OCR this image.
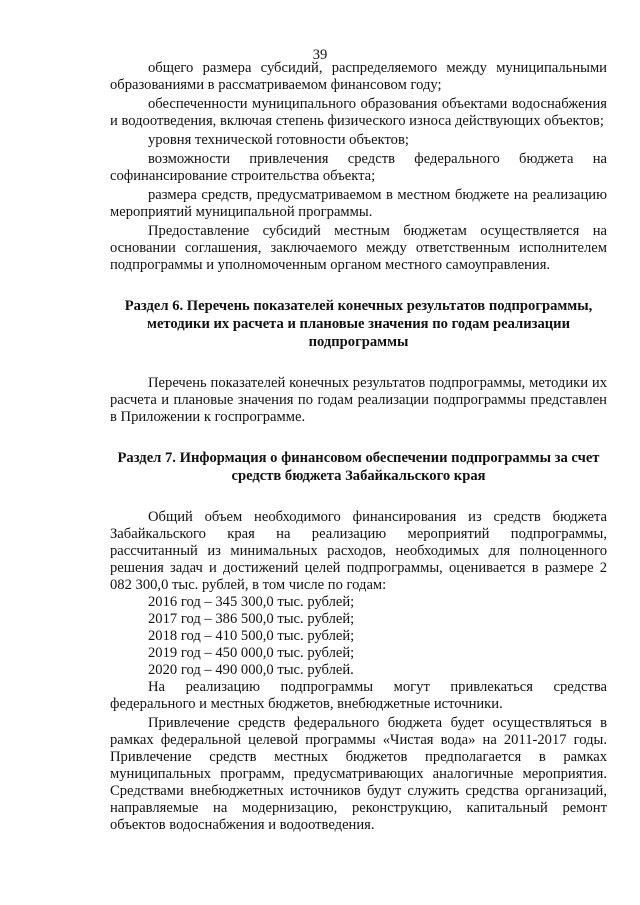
39

общего размера субсидий, распределяемого между муниципальными образованиями в рассматриваемом финансовом году;

обеспеченности муниципального образования объектами водоснабжения и водоотведения, включая степень физического износа действующих объектов;

уровня технической готовности объектов;

возможности привлечения средств федерального бюджета на софинансирование строительства объекта;

размера средств, предусматриваемом в местном бюджете на реализацию мероприятий муниципальной программы.

Предоставление субсидий местным бюджетам осуществляется на основании соглашения, заключаемого между ответственным исполнителем подпрограммы и уполномоченным органом местного самоуправления.

Раздел 6. Перечень показателей конечных результатов подпрограммы, методики их расчета и плановые значения по годам реализации подпрограммы

Перечень показателей конечных результатов подпрограммы, методики их расчета и плановые значения по годам реализации подпрограммы представлен в Приложении к госпрограмме.

Раздел 7. Информация о финансовом обеспечении подпрограммы за счет средств бюджета Забайкальского края

Общий объем необходимого финансирования из средств бюджета Забайкальского края на реализацию мероприятий подпрограммы, рассчитанный из минимальных расходов, необходимых для полноценного решения задач и достижений целей подпрограммы, оценивается в размере 2 082 300,0 тыс. рублей, в том числе по годам:

2016 год – 345 300,0 тыс. рублей;
2017 год – 386 500,0 тыс. рублей;
2018 год – 410 500,0 тыс. рублей;
2019 год – 450 000,0 тыс. рублей;
2020 год – 490 000,0 тыс. рублей.

На реализацию подпрограммы могут привлекаться средства федерального и местных бюджетов, внебюджетные источники.

Привлечение средств федерального бюджета будет осуществляться в рамках федеральной целевой программы «Чистая вода» на 2011-2017 годы. Привлечение средств местных бюджетов предполагается в рамках муниципальных программ, предусматривающих аналогичные мероприятия. Средствами внебюджетных источников будут служить средства организаций, направляемые на модернизацию, реконструкцию, капитальный ремонт объектов водоснабжения и водоотведения.
